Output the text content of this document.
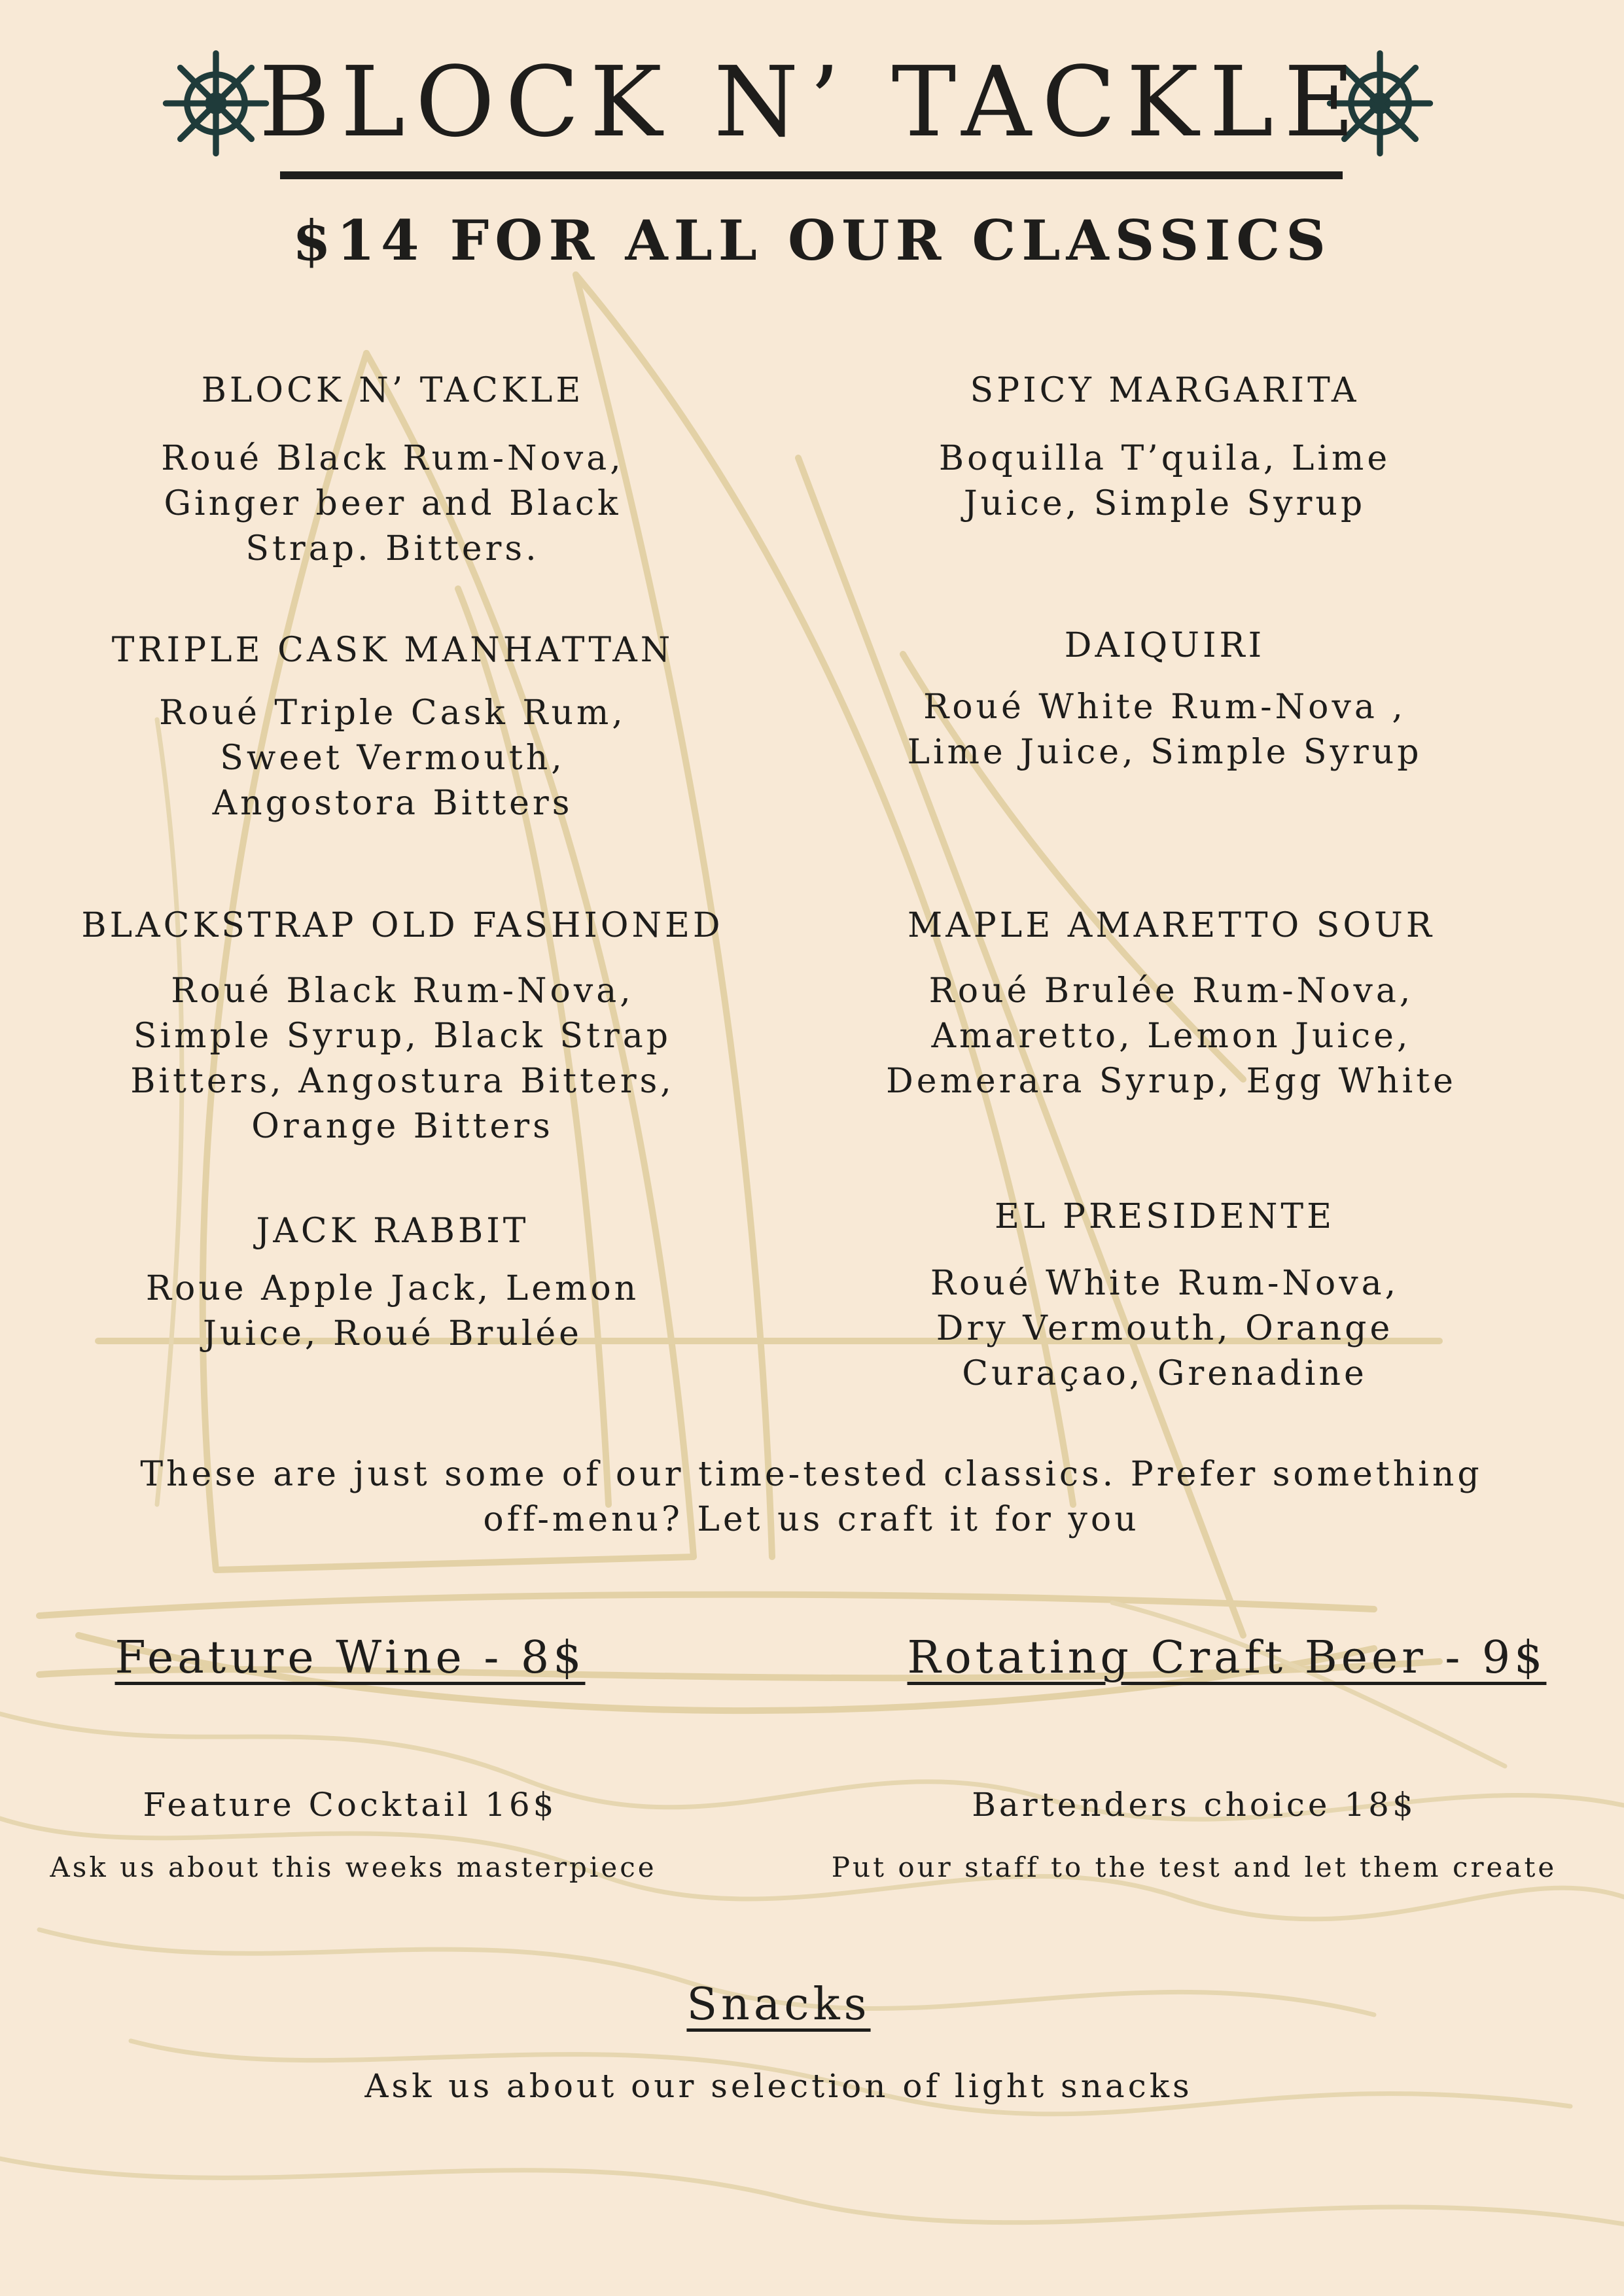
BLOCK N’ TACKLE
$14 FOR ALL OUR CLASSICS
BLOCK N’ TACKLE
Roué Black Rum-Nova,
Ginger beer and Black
Strap. Bitters.
TRIPLE CASK MANHATTAN
Roué Triple Cask Rum,
Sweet Vermouth,
Angostora Bitters
BLACKSTRAP OLD FASHIONED
Roué Black Rum-Nova,
Simple Syrup, Black Strap
Bitters, Angostura Bitters,
Orange Bitters
JACK RABBIT
Roue Apple Jack, Lemon
Juice, Roué Brulée
SPICY MARGARITA
Boquilla T’quila, Lime
Juice, Simple Syrup
DAIQUIRI
Roué White Rum-Nova ,
Lime Juice, Simple Syrup
MAPLE AMARETTO SOUR
Roué Brulée Rum-Nova,
Amaretto, Lemon Juice,
Demerara Syrup, Egg White
EL PRESIDENTE
Roué White Rum-Nova,
Dry Vermouth, Orange
Curaçao, Grenadine
These are just some of our time-tested classics. Prefer something off-menu? Let us craft it for you
Feature Wine - 8$	Rotating Craft Beer - 9$
Feature Cocktail 16$
Ask us about this weeks masterpiece
Bartenders choice 18$
Put our staff to the test and let them create
Snacks
Ask us about our selection of light snacks
